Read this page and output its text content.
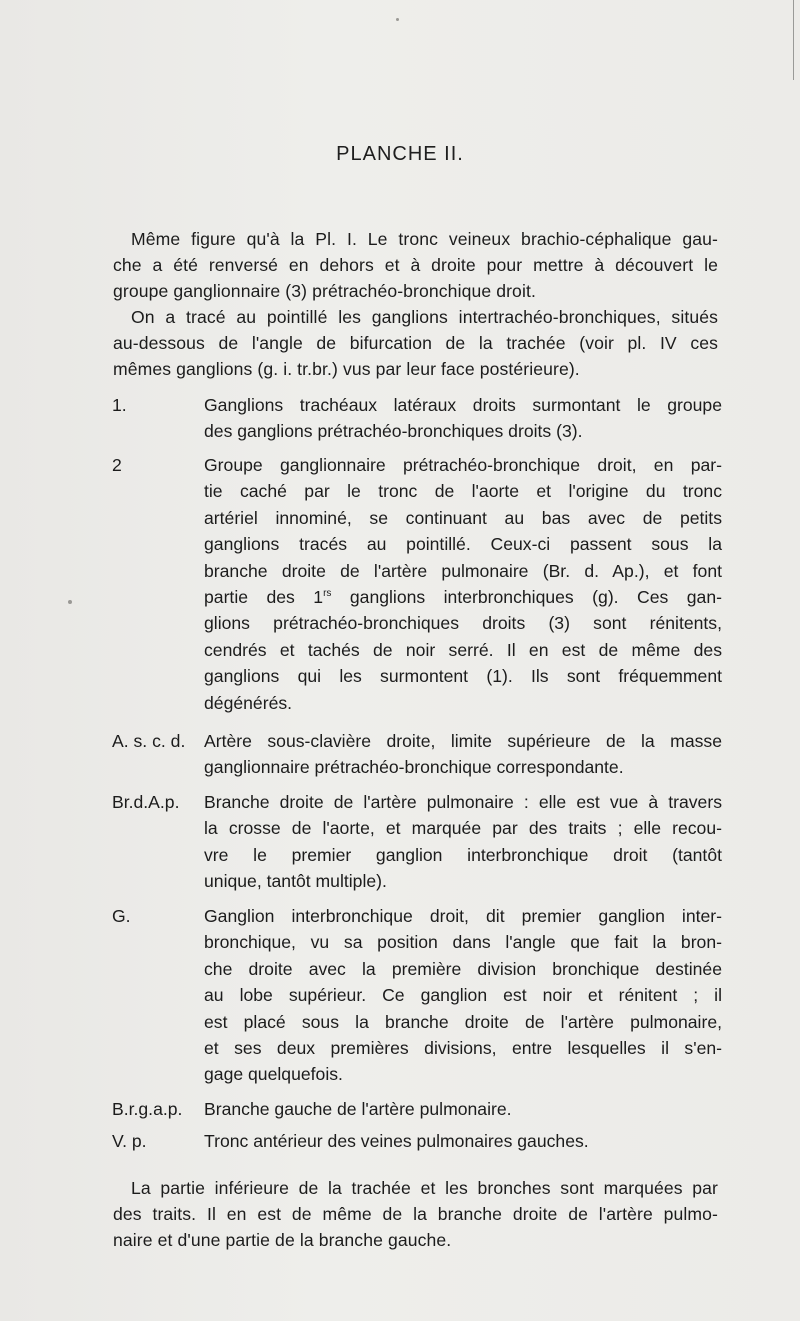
PLANCHE II.
Même figure qu'à la Pl. I. Le tronc veineux brachio-céphalique gau-
che a été renversé en dehors et à droite pour mettre à découvert le
groupe ganglionnaire (3) prétrachéo-bronchique droit.
On a tracé au pointillé les ganglions intertrachéo-bronchiques, situés
au-dessous de l'angle de bifurcation de la trachée (voir pl. IV ces
mêmes ganglions (g. i. tr.br.) vus par leur face postérieure).
1.	Ganglions trachéaux latéraux droits surmontant le groupe
des ganglions prétrachéo-bronchiques droits (3).
2	Groupe ganglionnaire prétrachéo-bronchique droit, en par-
tie caché par le tronc de l'aorte et l'origine du tronc
artériel innominé, se continuant au bas avec de petits
ganglions tracés au pointillé. Ceux-ci passent sous la
branche droite de l'artère pulmonaire (Br. d. Ap.), et font
partie des $1^{rs}$ ganglions interbronchiques (g). Ces gan-
glions prétrachéo-bronchiques droits (3) sont rénitents,
cendrés et tachés de noir serré. Il en est de même des
ganglions qui les surmontent (1). Ils sont fréquemment
dégénérés.
A. s. c. d. Artère sous-clavière droite, limite supérieure de la masse
ganglionnaire prétrachéo-bronchique correspondante.
Br.d.A.p. Branche droite de l'artère pulmonaire : elle est vue à travers
la crosse de l'aorte, et marquée par des traits ; elle recou-
vre le premier ganglion interbronchique droit (tantôt
unique, tantôt multiple).
G.	Ganglion interbronchique droit, dit premier ganglion inter-
bronchique, vu sa position dans l'angle que fait la bron-
che droite avec la première division bronchique destinée
au lobe supérieur. Ce ganglion est noir et rénitent ; il
est placé sous la branche droite de l'artère pulmonaire,
et ses deux premières divisions, entre lesquelles il s'en-
gage quelquefois.
B.r.g.a.p. Branche gauche de l'artère pulmonaire.
V. p.	Tronc antérieur des veines pulmonaires gauches.
La partie inférieure de la trachée et les bronches sont marquées par
des traits. Il en est de même de la branche droite de l'artère pulmo-
naire et d'une partie de la branche gauche.
